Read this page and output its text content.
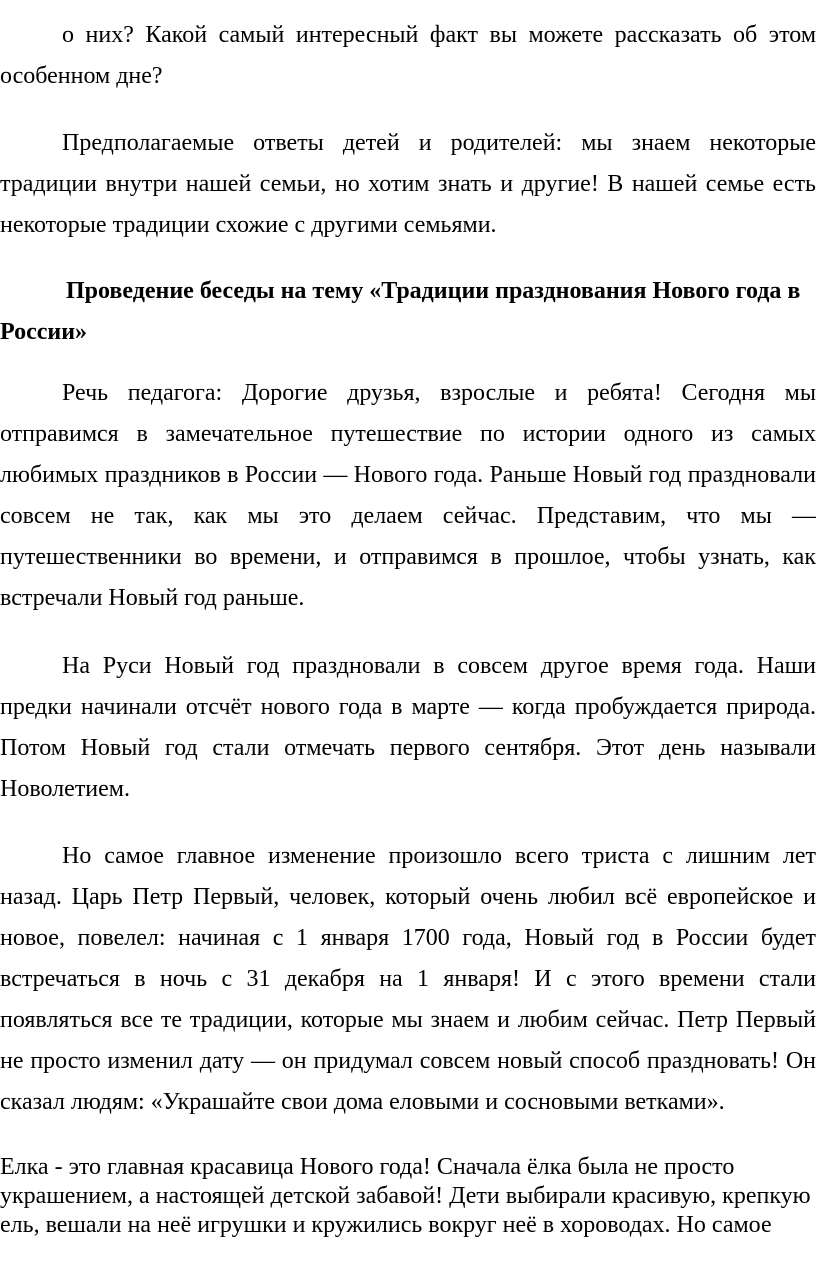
о них? Какой самый интересный факт вы можете рассказать об этом особенном дне?

Предполагаемые ответы детей и родителей: мы знаем некоторые традиции внутри нашей семьи, но хотим знать и другие! В нашей семье есть некоторые традиции схожие с другими семьями.

Проведение беседы на тему «Традиции празднования Нового года в России»

Речь педагога: Дорогие друзья, взрослые и ребята! Сегодня мы отправимся в замечательное путешествие по истории одного из самых любимых праздников в России — Нового года. Раньше Новый год праздновали совсем не так, как мы это делаем сейчас. Представим, что мы — путешественники во времени, и отправимся в прошлое, чтобы узнать, как встречали Новый год раньше.

На Руси Новый год праздновали в совсем другое время года. Наши предки начинали отсчёт нового года в марте — когда пробуждается природа. Потом Новый год стали отмечать первого сентября. Этот день называли Новолетием.

Но самое главное изменение произошло всего триста с лишним лет назад. Царь Петр Первый, человек, который очень любил всё европейское и новое, повелел: начиная с 1 января 1700 года, Новый год в России будет встречаться в ночь с 31 декабря на 1 января! И с этого времени стали появляться все те традиции, которые мы знаем и любим сейчас. Петр Первый не просто изменил дату — он придумал совсем новый способ праздновать! Он сказал людям: «Украшайте свои дома еловыми и сосновыми ветками».

Елка - это главная красавица Нового года! Сначала ёлка была не просто украшением, а настоящей детской забавой! Дети выбирали красивую, крепкую ель, вешали на неё игрушки и кружились вокруг неё в хороводах. Но самое
